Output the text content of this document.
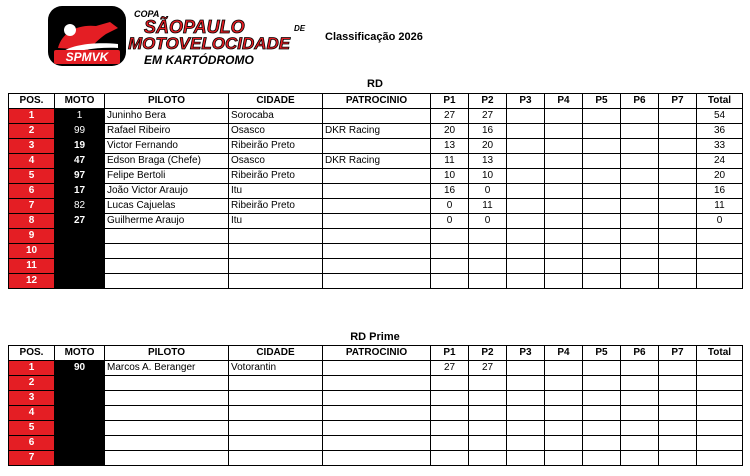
SPMVK
COPA
SÃOPAULO	DE
MOTOVELOCIDADE
EM KARTÓDROMO
Classificação 2026
RD
POS.	MOTO	PILOTO	CIDADE	PATROCINIO	P1	P2	P3	P4	P5	P6	P7	Total
1	1	Juninho Bera	Sorocaba		27	27						54
2	99	Rafael Ribeiro	Osasco	DKR Racing	20	16						36
3	19	Victor Fernando	Ribeirão Preto		13	20						33
4	47	Edson Braga (Chefe)	Osasco	DKR Racing	11	13						24
5	97	Felipe Bertoli	Ribeirão Preto		10	10						20
6	17	João Victor Araujo	Itu		16	0						16
7	82	Lucas Cajuelas	Ribeirão Preto		0	11						11
8	27	Guilherme Araujo	Itu		0	0						0
9												
10												
11												
12												
RD Prime
POS.	MOTO	PILOTO	CIDADE	PATROCINIO	P1	P2	P3	P4	P5	P6	P7	Total
1	90	Marcos A. Beranger	Votorantin		27	27						
2												
3												
4												
5												
6												
7												
